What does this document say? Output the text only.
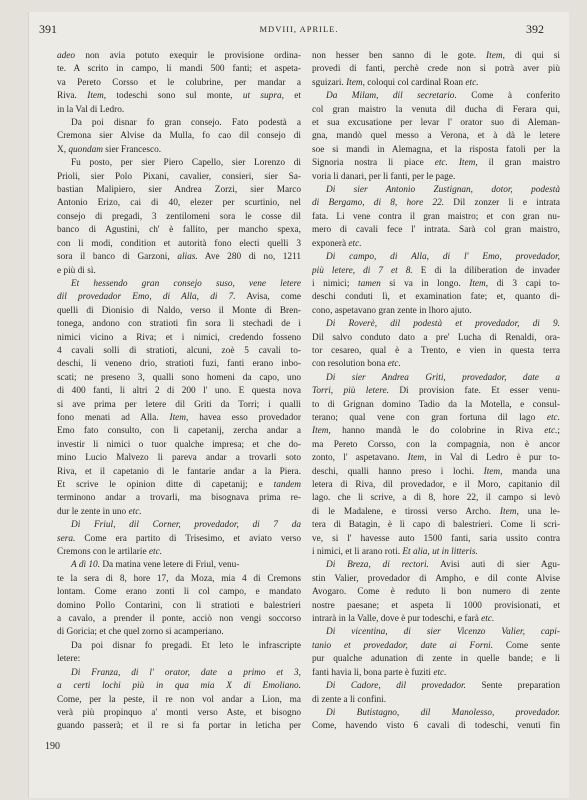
391	MDVIII, APRILE.	392
adeo non avia potuto exequir le provisione ordina-
te. A scrito in campo, li mandi 500 fanti; et aspeta-
va Pereto Corsso et le colubrine, per mandar a
Riva. Item, todeschi sono sul monte, ut supra, et
in la Val di Ledro.
Da poi disnar fo gran consejo. Fato podestà a
Cremona sier Alvise da Mulla, fo cao dil consejo di
X, quondam sier Francesco.
Fu posto, per sier Piero Capello, sier Lorenzo di
Prioli, sier Polo Pixani, cavalier, consieri, sier Sa-
bastian Malipiero, sier Andrea Zorzi, sier Marco
Antonio Erizo, cai di 40, elezer per scurtinio, nel
consejo di pregadi, 3 zentilomeni sora le cosse dil
banco di Agustini, ch' è fallito, per mancho spexa,
con li modi, condition et autorità fono electi quelli 3
sora il banco di Garzoni, alias. Ave 280 di no, 1211
e più di sì.
Et hessendo gran consejo suso, vene letere
dil provedador Emo, di Alla, di 7. Avisa, come
quelli di Dionisio di Naldo, verso il Monte di Bren-
tonega, andono con stratioti fin sora li stechadi de i
nimici vicino a Riva; et i nimici, credendo fosseno
4 cavali solli di stratioti, alcuni, zoè 5 cavali to-
deschi, li veneno drio, stratioti fuzi, fanti erano inbo-
scati; ne preseno 3, qualli sono homeni da capo, uno
di 400 fanti, li altri 2 di 200 l' uno. E questa nova
si ave prima per letere dil Griti da Torri; i qualli
fono menati ad Alla. Item, havea esso provedador
Emo fato consulto, con li capetanij, zercha andar a
investir li nimici o tuor qualche impresa; et che do-
mino Lucio Malvezo li pareva andar a trovarli soto
Riva, et il capetanio di le fantarie andar a la Piera.
Et scrive le opinion ditte di capetanij; e tandem
terminono andar a trovarli, ma bisognava prima re-
dur le zente in uno etc.
Di Friul, dil Corner, provedador, di 7 da
sera. Come era partito di Trisesimo, et aviato verso
Cremons con le artilarie etc.
A dì 10. Da matina vene letere di Friul, venu-
te la sera di 8, hore 17, da Moza, mia 4 di Cremons
lontam. Come erano zonti li col campo, e mandato
domino Pollo Contarini, con li stratioti e balestrieri
a cavalo, a prender il ponte, acciò non vengi soccorso
di Goricia; et che quel zorno si acamperiano.
Da poi disnar fo pregadi. Et leto le infrascripte
letere:
Di Franza, di l' orator, date a primo et 3,
a certi lochi più in qua mia X di Emoliano.
Come, per la peste, il re non vol andar a Lion, ma
verà più propinquo a' monti verso Aste, et bisogno
guando passerà; et il re si fa portar in leticha per
non hesser ben sanno di le gote. Item, di qui si
provedi di fanti, perchè crede non si potrà aver più
sguizari. Item, coloqui col cardinal Roan etc.
Da Milam, dil secretario. Come à conferito
col gran maistro la venuta dil ducha di Ferara qui,
et sua excusatione per levar l' orator suo di Aleman-
gna, mandò quel messo a Verona, et à dà le letere
soe si mandi in Alemagna, et la risposta fatoli per la
Signoria nostra li piace etc. Item, il gran maistro
voria li danari, per li fanti, per le page.
Di sier Antonio Zustignan, dotor, podestà
di Bergamo, di 8, hore 22. Dil zonzer li e intrata
fata. Li vene contra il gran maistro; et con gran nu-
mero di cavali fece l' intrata. Sarà col gran maistro,
exponerà etc.
Di campo, di Alla, di l' Emo, provedador,
più letere, di 7 et 8. E di la diliberation de invader
i nimici; tamen si va in longo. Item, di 3 capi to-
deschi conduti lì, et examination fate; et, quanto di-
cono, aspetavano gran zente in lhoro ajuto.
Di Roverè, dil podestà et provedador, di 9.
Dil salvo conduto dato a pre' Lucha di Renaldi, ora-
tor cesareo, qual è a Trento, e vien in questa terra
con resolution bona etc.
Di sier Andrea Griti, provedador, date a
Torri, più letere. Di provision fate. Et esser venu-
to di Grignan domino Tadio da la Motella, e consul-
terano; qual vene con gran fortuna dil lago etc.
Item, hanno mandà le do colobrine in Riva etc.;
ma Pereto Corsso, con la compagnia, non è ancor
zonto, l' aspetavano. Item, in Val di Ledro è pur to-
deschi, qualli hanno preso i lochi. Item, manda una
letera di Riva, dil provedador, e il Moro, capitanio dil
lago. che li scrive, a dì 8, hore 22, il campo si levò
di le Madalene, e tirossi verso Archo. Item, una le-
tera di Batagin, è lì capo di balestrieri. Come li scri-
ve, si l' havesse auto 1500 fanti, saria ussito contra
i nimici, et li arano roti. Et alia, ut in litteris.
Di Breza, di rectori. Avisi auti di sier Agu-
stin Valier, provedador di Ampho, e dil conte Alvise
Avogaro. Come è reduto li bon numero di zente
nostre paesane; et aspeta li 1000 provisionati, et
intrarà in la Valle, dove è pur todeschi, e farà etc.
Di vicentina, di sier Vicenzo Valier, capi-
tanio et provedador, date ai Forni. Come sente
pur qualche adunation di zente in quelle bande; e li
fanti havia li, bona parte è fuziti etc.
Di Cadore, dil provedador. Sente preparation
di zente a li confini.
Di Butistagno, dil Manolesso, provedador.
Come, havendo visto 6 cavali di todeschi, venuti fin
190
